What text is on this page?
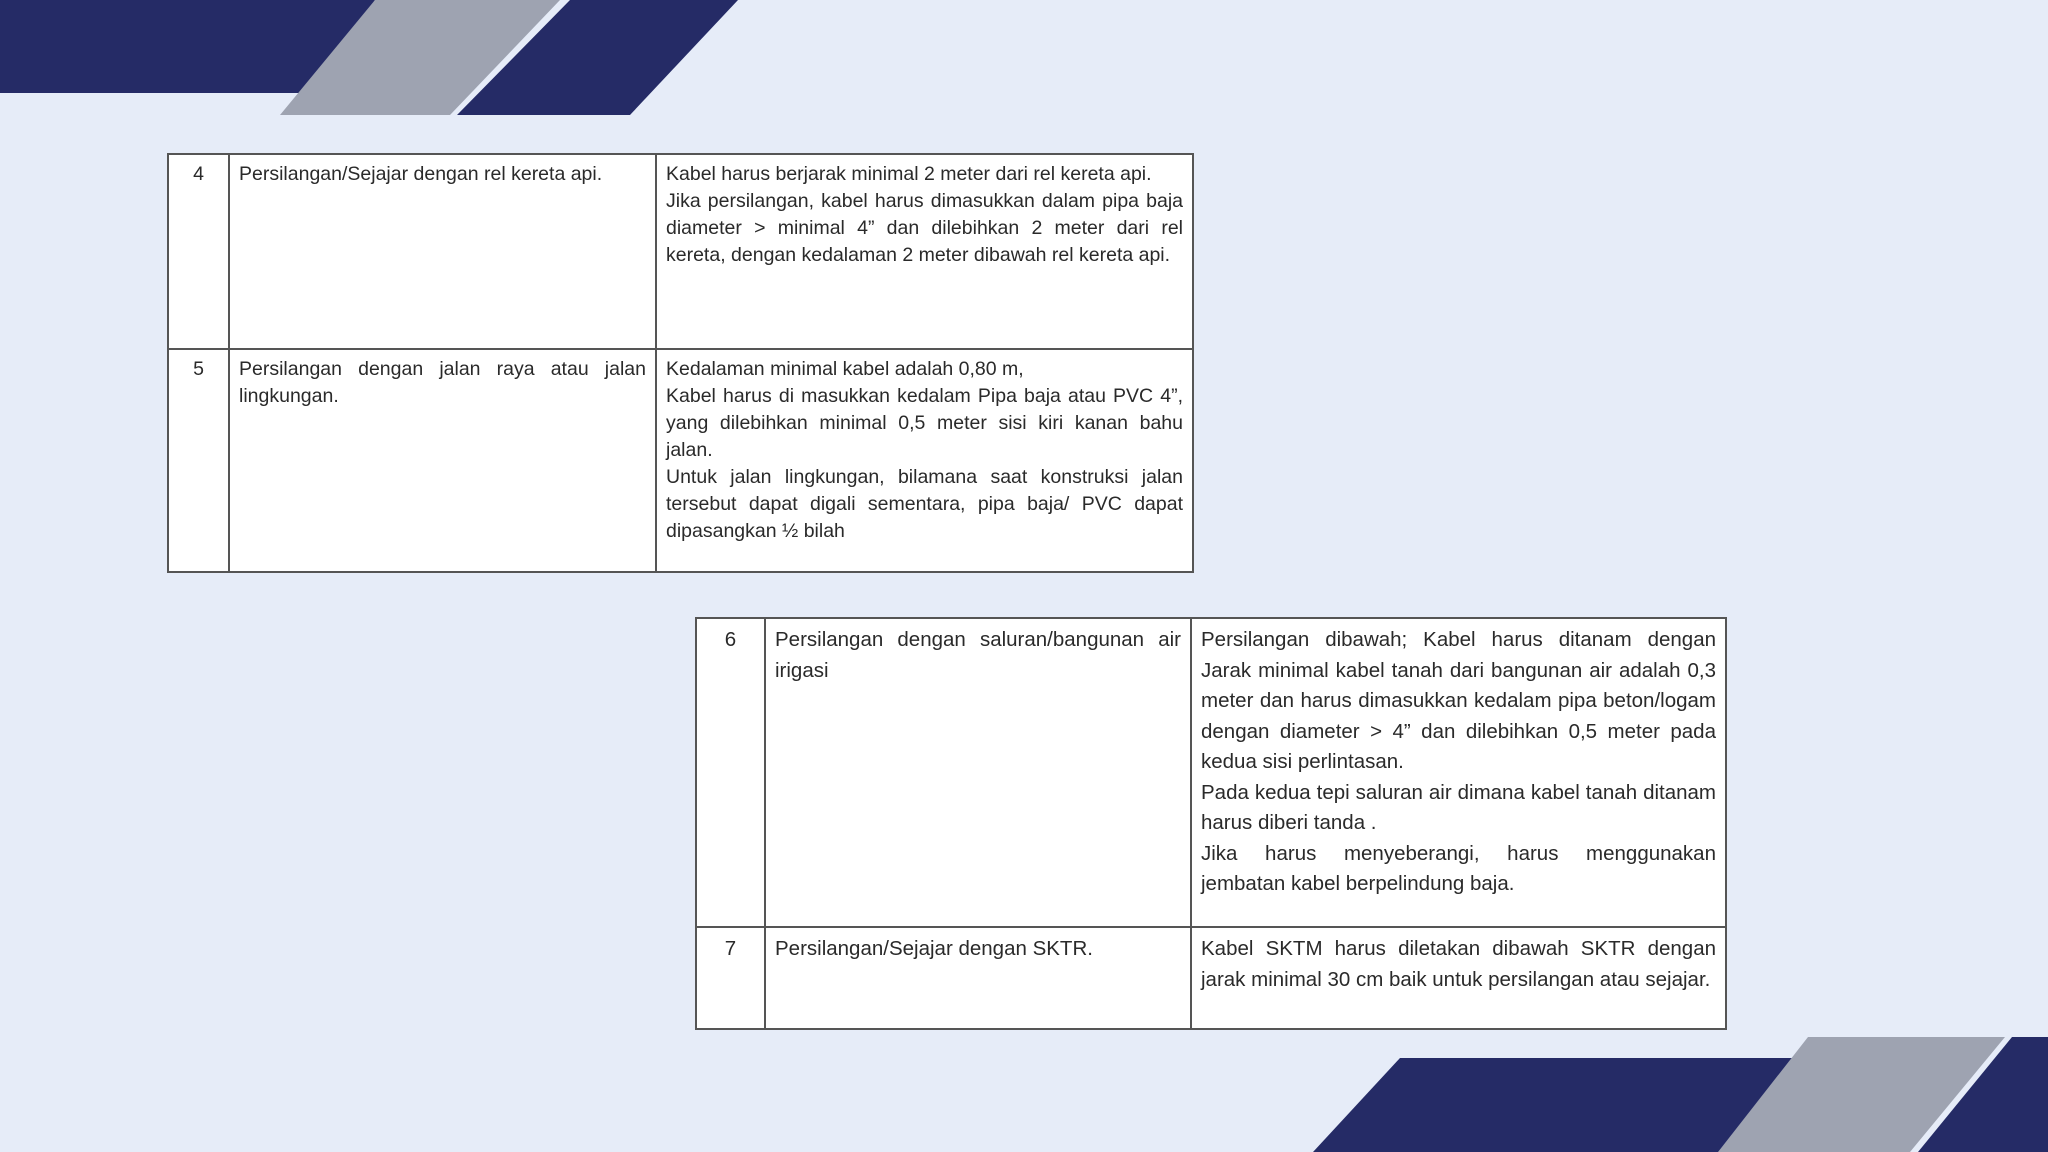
4	Persilangan/Sejajar dengan rel kereta api.	Kabel harus berjarak minimal 2 meter dari rel kereta api.
Jika persilangan, kabel harus dimasukkan dalam pipa baja diameter > minimal 4” dan dilebihkan 2 meter dari rel kereta, dengan kedalaman 2 meter dibawah rel kereta api.

5	Persilangan dengan jalan raya atau jalan lingkungan.	Kedalaman minimal kabel adalah 0,80 m,
Kabel harus di masukkan kedalam Pipa baja atau PVC 4”, yang dilebihkan minimal 0,5 meter sisi kiri kanan bahu jalan.
Untuk jalan lingkungan, bilamana saat konstruksi jalan tersebut dapat digali sementara, pipa baja/ PVC dapat dipasangkan ½ bilah
6	Persilangan dengan saluran/bangunan air irigasi	Persilangan dibawah; Kabel harus ditanam dengan Jarak minimal kabel tanah dari bangunan air adalah 0,3 meter dan harus dimasukkan kedalam pipa beton/logam dengan diameter > 4” dan dilebihkan 0,5 meter pada kedua sisi perlintasan.
Pada kedua tepi saluran air dimana kabel tanah ditanam harus diberi tanda .
Jika harus menyeberangi, harus menggunakan jembatan kabel berpelindung baja.

7	Persilangan/Sejajar dengan SKTR.	Kabel SKTM harus diletakan dibawah SKTR dengan jarak minimal 30 cm baik untuk persilangan atau sejajar.
